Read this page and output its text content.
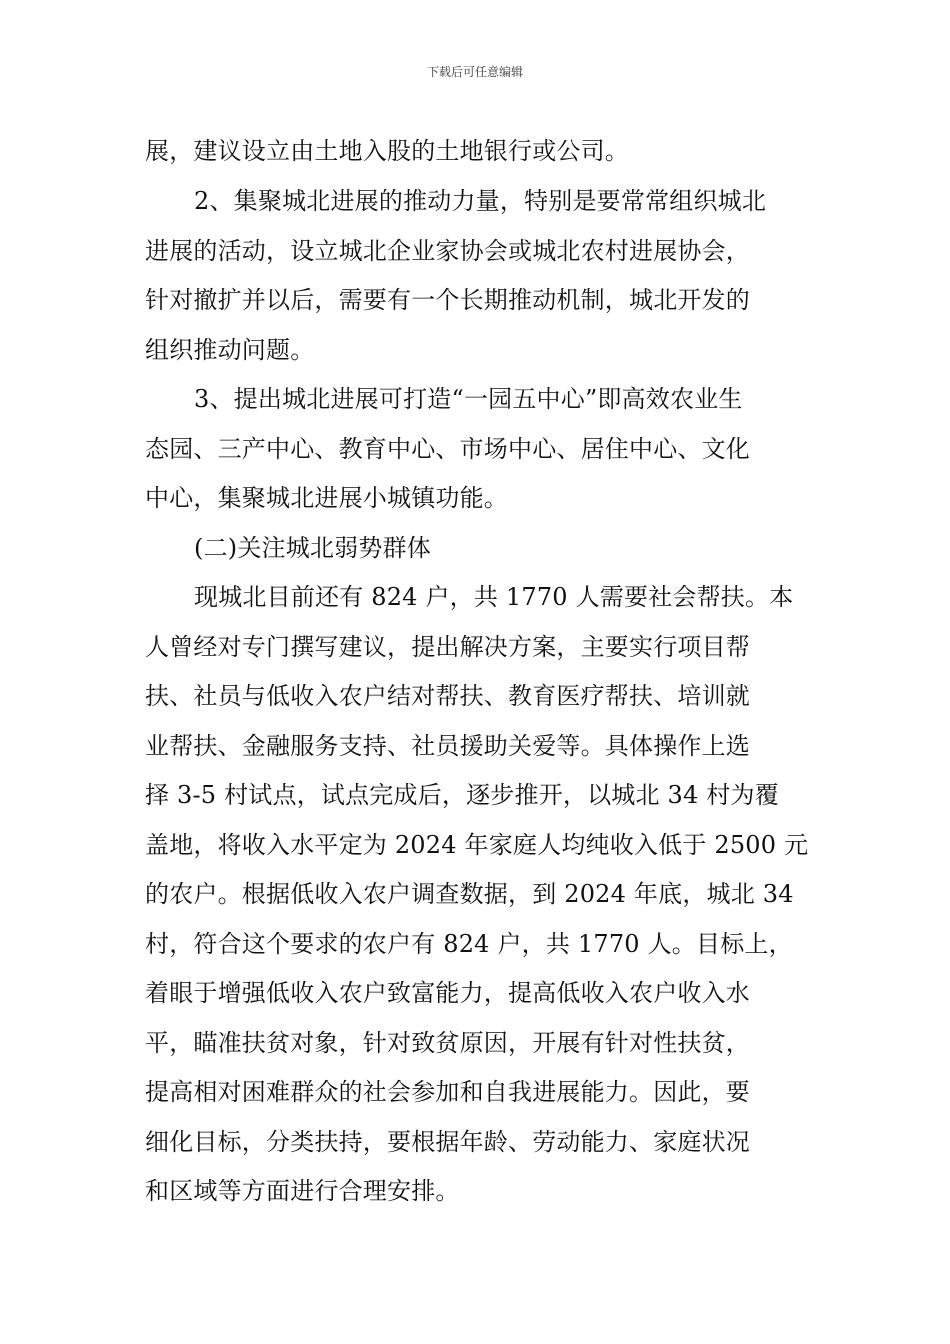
下载后可任意编辑
展，建议设立由土地入股的土地银行或公司。
2、集聚城北进展的推动力量，特别是要常常组织城北
进展的活动，设立城北企业家协会或城北农村进展协会，
针对撤扩并以后，需要有一个长期推动机制，城北开发的
组织推动问题。
3、提出城北进展可打造“一园五中心”即高效农业生
态园、三产中心、教育中心、市场中心、居住中心、文化
中心，集聚城北进展小城镇功能。
(二)关注城北弱势群体
现城北目前还有 824 户，共 1770 人需要社会帮扶。本
人曾经对专门撰写建议，提出解决方案，主要实行项目帮
扶、社员与低收入农户结对帮扶、教育医疗帮扶、培训就
业帮扶、金融服务支持、社员援助关爱等。具体操作上选
择 3-5 村试点，试点完成后，逐步推开，以城北 34 村为覆
盖地，将收入水平定为 2024 年家庭人均纯收入低于 2500 元
的农户。根据低收入农户调查数据，到 2024 年底，城北 34
村，符合这个要求的农户有 824 户，共 1770 人。目标上，
着眼于增强低收入农户致富能力，提高低收入农户收入水
平，瞄准扶贫对象，针对致贫原因，开展有针对性扶贫，
提高相对困难群众的社会参加和自我进展能力。因此，要
细化目标，分类扶持，要根据年龄、劳动能力、家庭状况
和区域等方面进行合理安排。
